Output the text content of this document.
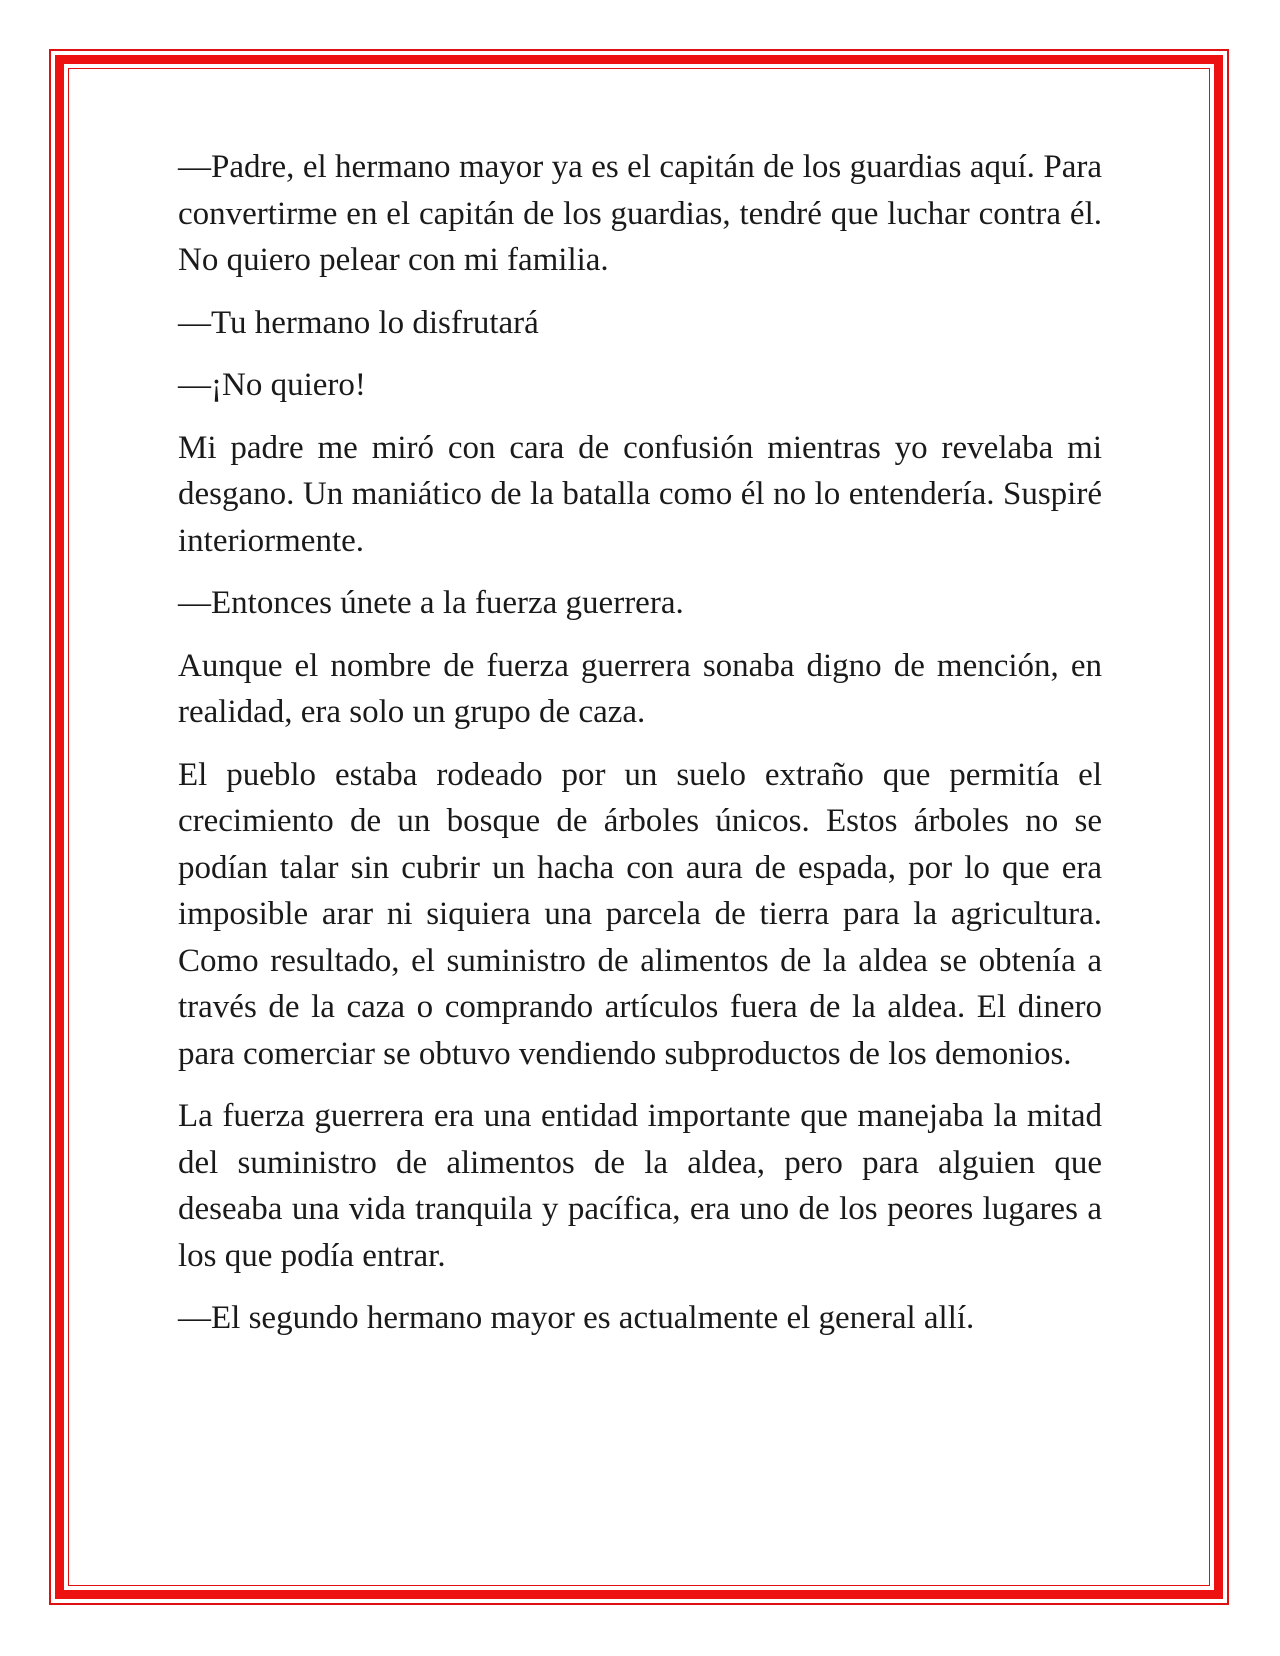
—Padre, el hermano mayor ya es el capitán de los guardias aquí. Para convertirme en el capitán de los guardias, tendré que luchar contra él. No quiero pelear con mi familia.

—Tu hermano lo disfrutará

—¡No quiero!

Mi padre me miró con cara de confusión mientras yo revelaba mi desgano. Un maniático de la batalla como él no lo entendería. Suspiré interiormente.

—Entonces únete a la fuerza guerrera.

Aunque el nombre de fuerza guerrera sonaba digno de mención, en realidad, era solo un grupo de caza.

El pueblo estaba rodeado por un suelo extraño que permitía el crecimiento de un bosque de árboles únicos. Estos árboles no se podían talar sin cubrir un hacha con aura de espada, por lo que era imposible arar ni siquiera una parcela de tierra para la agricultura. Como resultado, el suministro de alimentos de la aldea se obtenía a través de la caza o comprando artículos fuera de la aldea. El dinero para comerciar se obtuvo vendiendo subproductos de los demonios.

La fuerza guerrera era una entidad importante que manejaba la mitad del suministro de alimentos de la aldea, pero para alguien que deseaba una vida tranquila y pacífica, era uno de los peores lugares a los que podía entrar.

—El segundo hermano mayor es actualmente el general allí.
